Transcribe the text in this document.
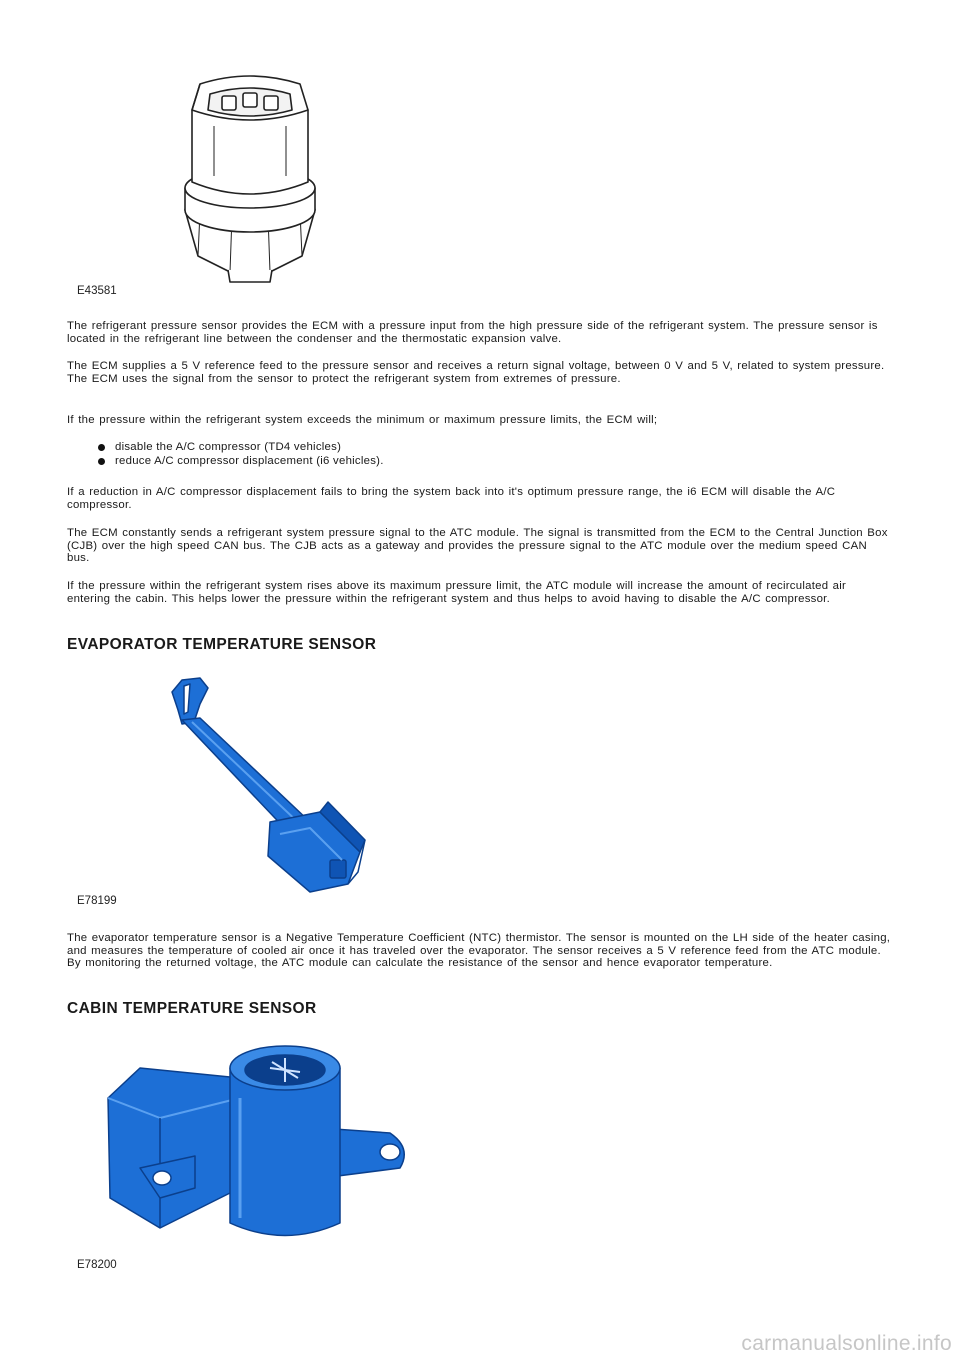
E43581

The refrigerant pressure sensor provides the ECM with a pressure input from the high pressure side of the refrigerant system. The pressure sensor is located in the refrigerant line between the condenser and the thermostatic expansion valve.

The ECM supplies a 5 V reference feed to the pressure sensor and receives a return signal voltage, between 0 V and 5 V, related to system pressure. The ECM uses the signal from the sensor to protect the refrigerant system from extremes of pressure.

If the pressure within the refrigerant system exceeds the minimum or maximum pressure limits, the ECM will;

disable the A/C compressor (TD4 vehicles)
reduce A/C compressor displacement (i6 vehicles).

If a reduction in A/C compressor displacement fails to bring the system back into it's optimum pressure range, the i6 ECM will disable the A/C compressor.

The ECM constantly sends a refrigerant system pressure signal to the ATC module. The signal is transmitted from the ECM to the Central Junction Box (CJB) over the high speed CAN bus. The CJB acts as a gateway and provides the pressure signal to the ATC module over the medium speed CAN bus.

If the pressure within the refrigerant system rises above its maximum pressure limit, the ATC module will increase the amount of recirculated air entering the cabin. This helps lower the pressure within the refrigerant system and thus helps to avoid having to disable the A/C compressor.

EVAPORATOR TEMPERATURE SENSOR
E78199

The evaporator temperature sensor is a Negative Temperature Coefficient (NTC) thermistor. The sensor is mounted on the LH side of the heater casing, and measures the temperature of cooled air once it has traveled over the evaporator. The sensor receives a 5 V reference feed from the ATC module. By monitoring the returned voltage, the ATC module can calculate the resistance of the sensor and hence evaporator temperature.

CABIN TEMPERATURE SENSOR
E78200
carmanualsonline.info
